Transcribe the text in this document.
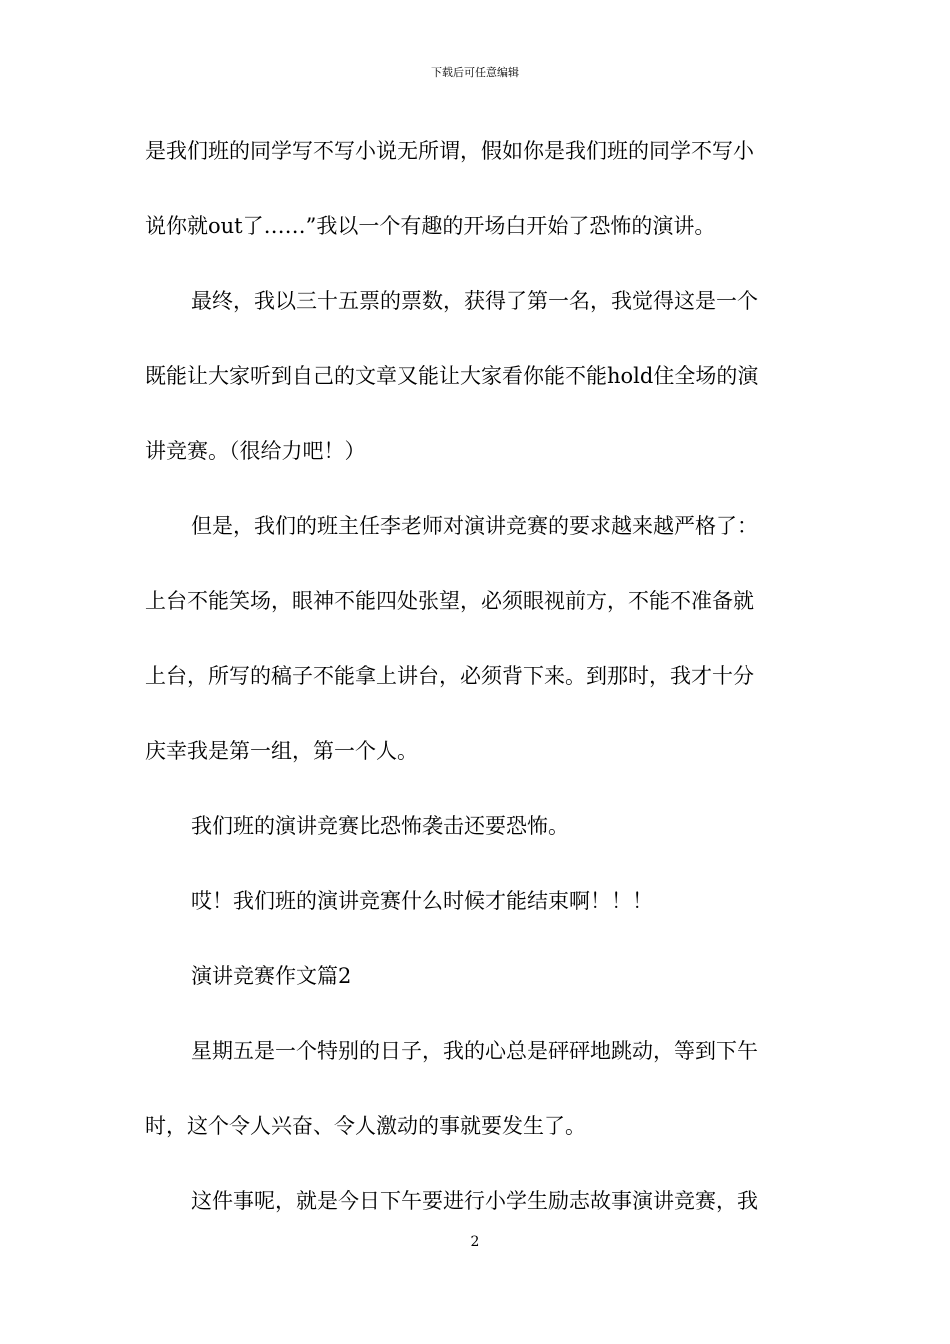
下载后可任意编辑
是我们班的同学写不写小说无所谓，假如你是我们班的同学不写小
说你就out了……”我以一个有趣的开场白开始了恐怖的演讲。
最终，我以三十五票的票数，获得了第一名，我觉得这是一个
既能让大家听到自己的文章又能让大家看你能不能hold住全场的演
讲竞赛。（很给力吧！）
但是，我们的班主任李老师对演讲竞赛的要求越来越严格了：
上台不能笑场，眼神不能四处张望，必须眼视前方，不能不准备就
上台，所写的稿子不能拿上讲台，必须背下来。到那时，我才十分
庆幸我是第一组，第一个人。
我们班的演讲竞赛比恐怖袭击还要恐怖。
哎！我们班的演讲竞赛什么时候才能结束啊！！！
演讲竞赛作文篇2
星期五是一个特别的日子，我的心总是砰砰地跳动，等到下午
时，这个令人兴奋、令人激动的事就要发生了。
这件事呢，就是今日下午要进行小学生励志故事演讲竞赛，我
2
